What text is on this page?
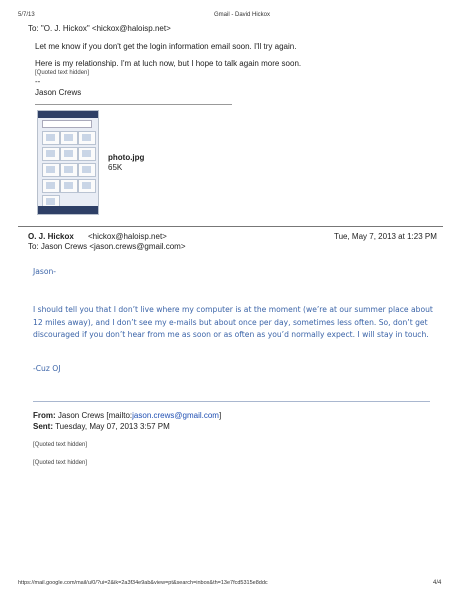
5/7/13	Gmail - David Hickox
To: "O. J. Hickox" <hickox@haloisp.net>
Let me know if you don't get the login information email soon. I'll try again.
Here is my relationship. I'm at luch now, but I hope to talk again more soon.
[Quoted text hidden]
--
Jason Crews
photo.jpg
65K
O. J. Hickox <hickox@haloisp.net>	Tue, May 7, 2013 at 1:23 PM
To: Jason Crews <jason.crews@gmail.com>
Jason-
I should tell you that I don’t live where my computer is at the moment (we’re at our summer place about
12 miles away), and I don’t see my e-mails but about once per day, sometimes less often. So, don’t get
discouraged if you don’t hear from me as soon or as often as you’d normally expect. I will stay in touch.
-Cuz OJ
From: Jason Crews [mailto:jason.crews@gmail.com]
Sent: Tuesday, May 07, 2013 3:57 PM
[Quoted text hidden]
[Quoted text hidden]
https://mail.google.com/mail/u/0/?ui=2&ik=2a3f34e9ab&view=pt&search=inbox&th=13e7fcd5315e8ddc	4/4
